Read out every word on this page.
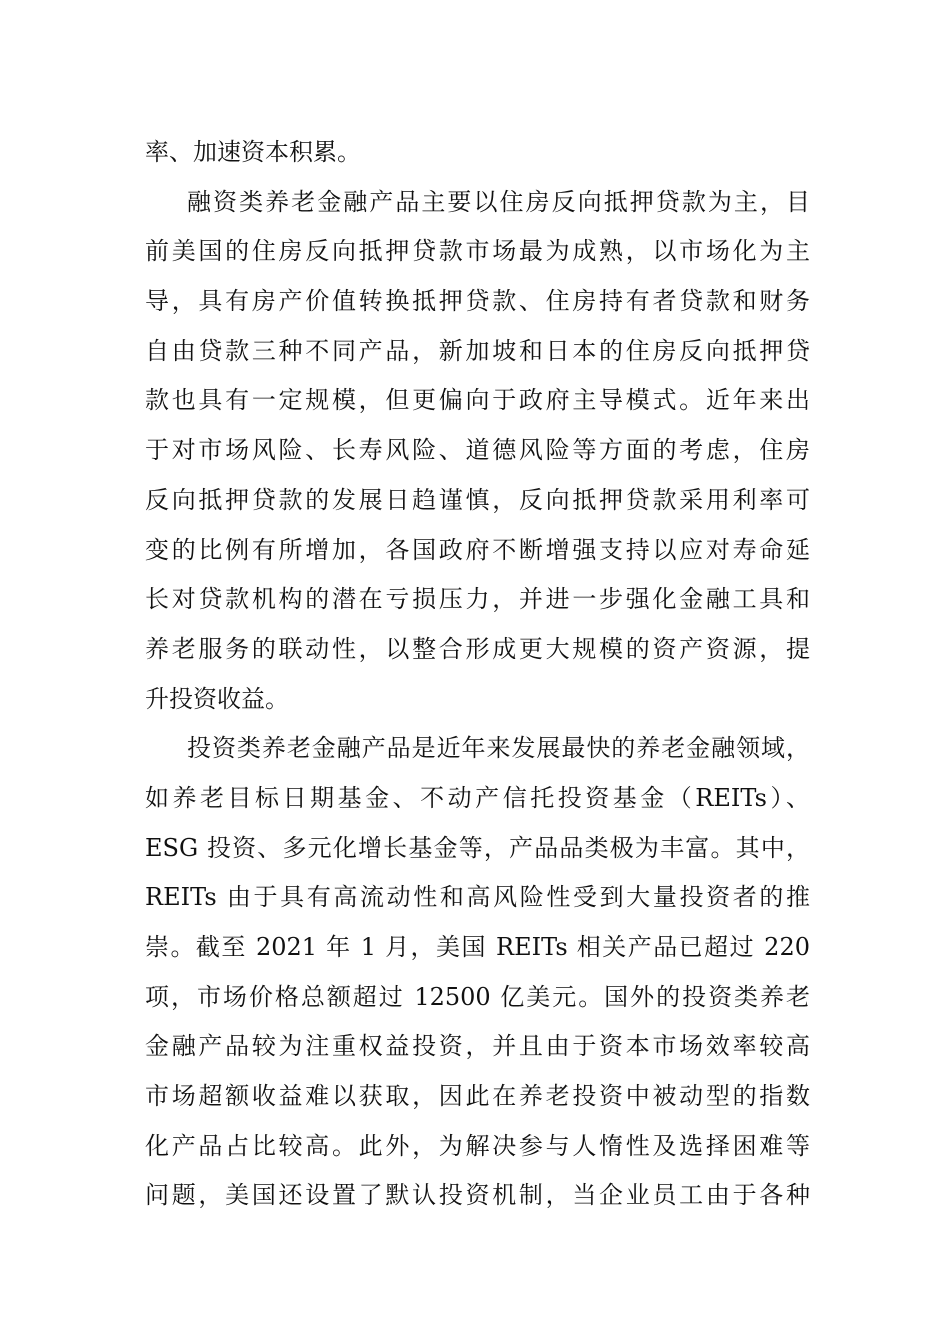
率、加速资本积累。
融资类养老金融产品主要以住房反向抵押贷款为主，目
前美国的住房反向抵押贷款市场最为成熟，以市场化为主
导，具有房产价值转换抵押贷款、住房持有者贷款和财务
自由贷款三种不同产品，新加坡和日本的住房反向抵押贷
款也具有一定规模，但更偏向于政府主导模式。近年来出
于对市场风险、长寿风险、道德风险等方面的考虑，住房
反向抵押贷款的发展日趋谨慎，反向抵押贷款采用利率可
变的比例有所增加，各国政府不断增强支持以应对寿命延
长对贷款机构的潜在亏损压力，并进一步强化金融工具和
养老服务的联动性，以整合形成更大规模的资产资源，提
升投资收益。
投资类养老金融产品是近年来发展最快的养老金融领域，
如养老目标日期基金、不动产信托投资基金（REITs）、
ESG 投资、多元化增长基金等，产品品类极为丰富。其中，
REITs 由于具有高流动性和高风险性受到大量投资者的推
崇。截至 2021 年 1 月，美国 REITs 相关产品已超过 220
项，市场价格总额超过 12500 亿美元。国外的投资类养老
金融产品较为注重权益投资，并且由于资本市场效率较高
市场超额收益难以获取，因此在养老投资中被动型的指数
化产品占比较高。此外，为解决参与人惰性及选择困难等
问题，美国还设置了默认投资机制，当企业员工由于各种
